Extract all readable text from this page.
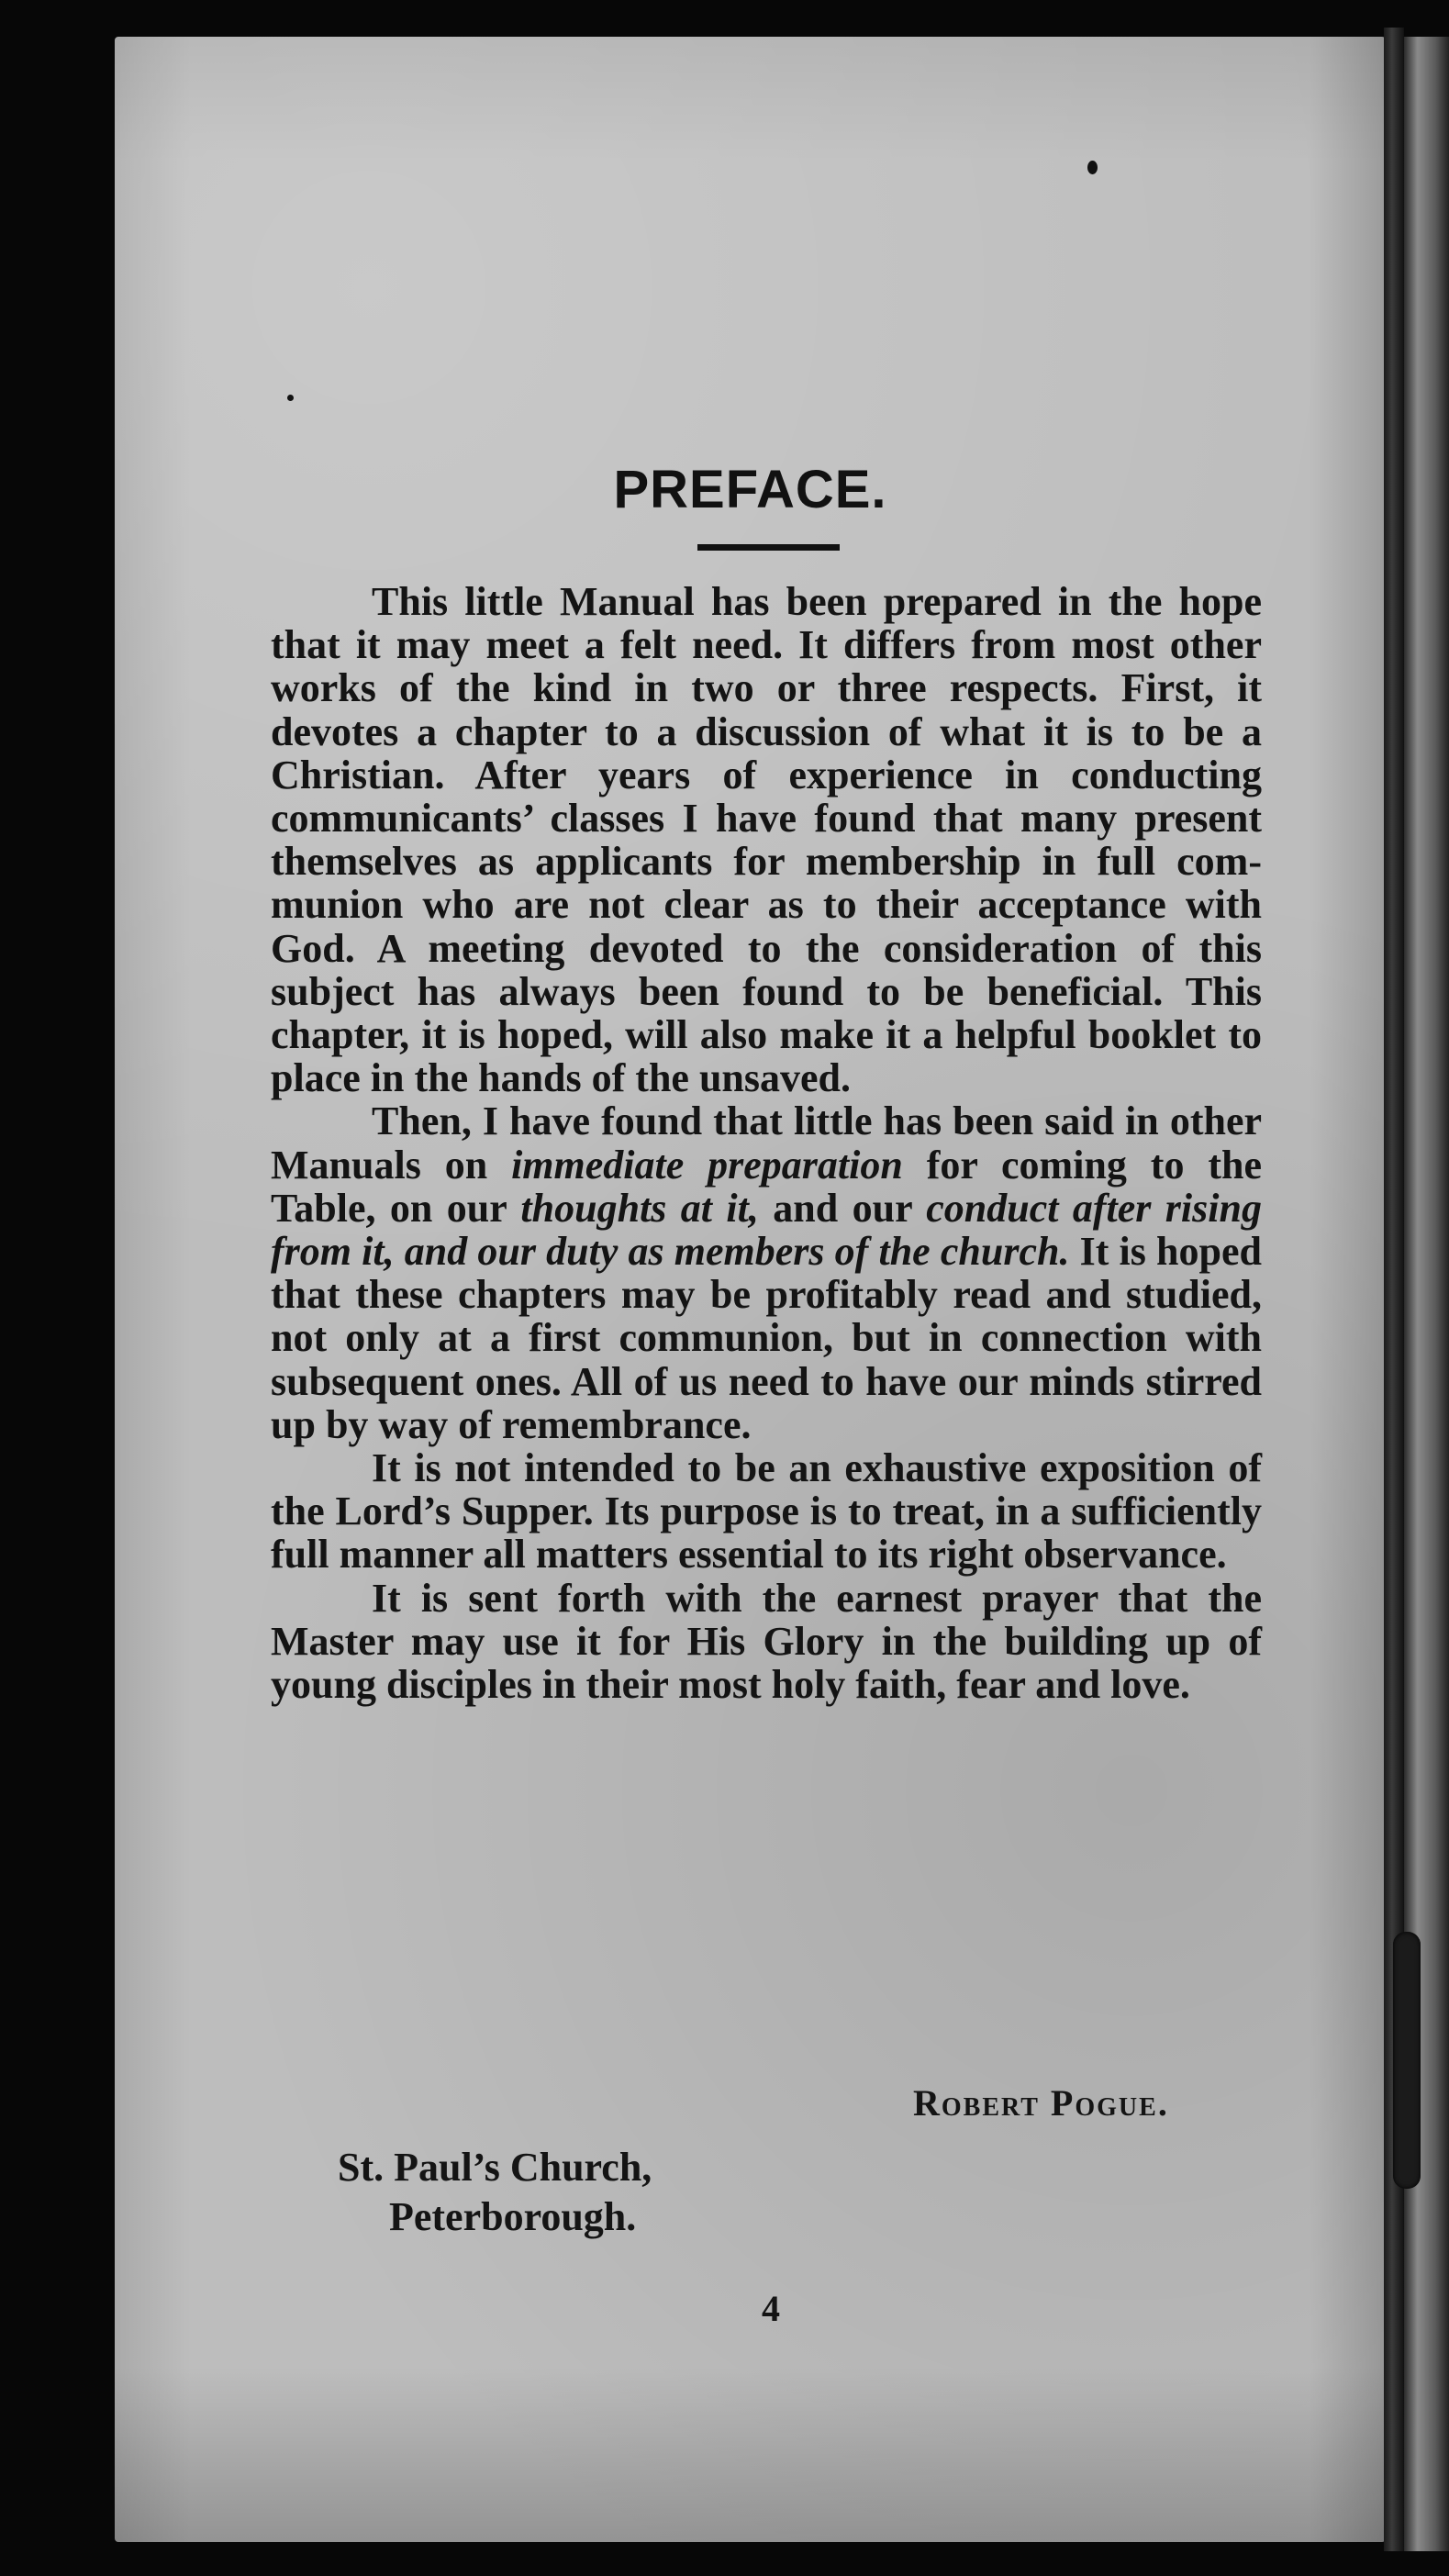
PREFACE.

This little Manual has been prepared in the hope that it may meet a felt need. It differs from most other works of the kind in two or three respects. First, it devotes a chapter to a discussion of what it is to be a Christian. After years of experience in conducting communicants’ classes I have found that many present themselves as applicants for membership in full communion who are not clear as to their acceptance with God. A meeting devoted to the consideration of this subject has always been found to be beneficial. This chapter, it is hoped, will also make it a helpful booklet to place in the hands of the unsaved.

Then, I have found that little has been said in other Manuals on immediate preparation for coming to the Table, on our thoughts at it, and our conduct after rising from it, and our duty as members of the church. It is hoped that these chapters may be profitably read and studied, not only at a first communion, but in connection with subsequent ones. All of us need to have our minds stirred up by way of remembrance.

It is not intended to be an exhaustive exposition of the Lord’s Supper. Its purpose is to treat, in a sufficiently full manner all matters essential to its right observance.

It is sent forth with the earnest prayer that the Master may use it for His Glory in the building up of young disciples in their most holy faith, fear and love.

Robert Pogue.
St. Paul’s Church,
Peterborough.
4
